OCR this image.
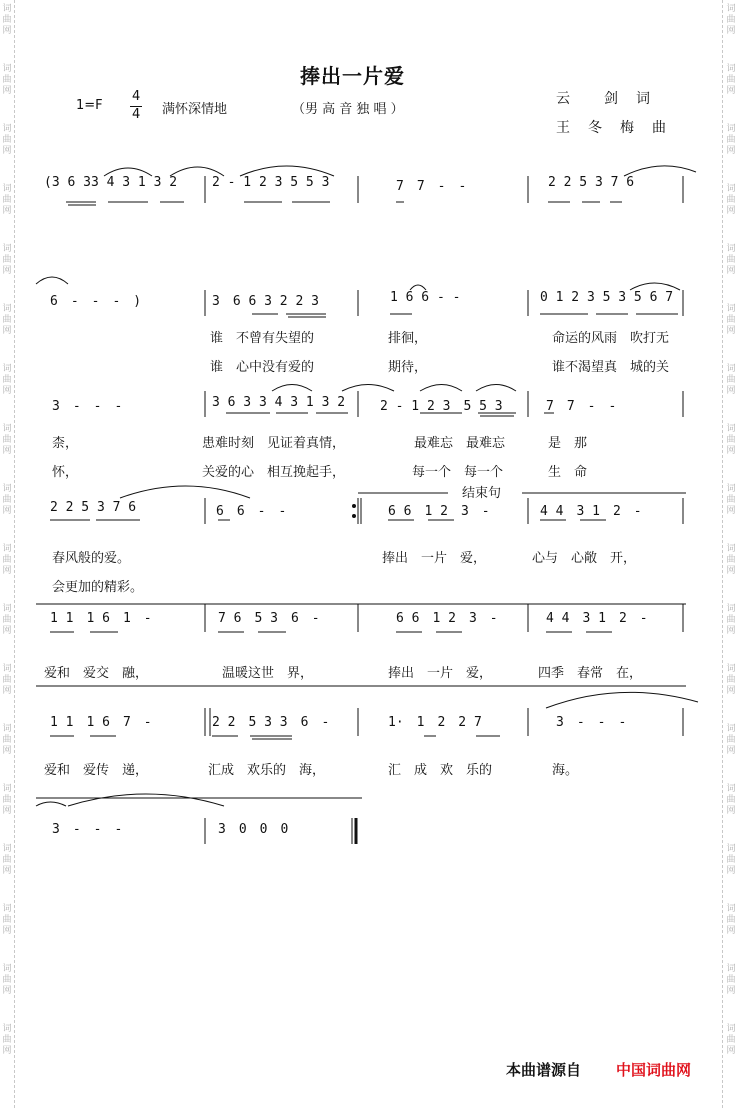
词
曲
网
词
曲
网
词
曲
网
词
曲
网
词
曲
网
词
曲
网
词
曲
网
词
曲
网
词
曲
网
词
曲
网
词
曲
网
词
曲
网
词
曲
网
词
曲
网
词
曲
网
词
曲
网
词
曲
网
词
曲
网
词
曲
网
词
曲
网
词
曲
网
词
曲
网
词
曲
网
词
曲
网
词
曲
网
词
曲
网
词
曲
网
词
曲
网
词
曲
网
词
曲
网
词
曲
网
词
曲
网
词
曲
网
词
曲
网
词
曲
网
词
曲
网
捧出一片爱
1=F
4
4 满怀深情地	（男 高 音 独 唱 ）
云　　剑　词
王　冬　梅　曲
(3 6 33 4 3 1 3 2	2 - 1 2 3 5 5 3	7　7　-　-	2 2 5 3 7 6
6　-　-　-　)	3　6 6 3 2 2 3	1 6 6 - -	0 1 2 3 5 3 5 6 7
谁　不曾有失望的	排徊，	命运的风雨　吹打无
谁　心中没有爱的	期待，	谁不渴望真　城的关
3　-　-　-	3 6 3 3 4 3 1 3 2	2 - 1 2 3　5 5 3	7　7　-　-
柰，	患难时刻　见证着真情，	最难忘　最难忘	是　那
怀，	关爱的心　相互挽起手，	每一个　每一个	生　命
结束句
2 2 5 3 7 6	6　6　-　-	6 6　1 2　3　-	4 4　3 1　2　-
春风般的爱。	捧出　一片　爱，	心与　心敞　开，
会更加的精彩。
1 1　1 6　1　-	7 6　5 3　6　-	6 6　1 2　3　-	4 4　3 1　2　-
爱和　爱交　融，	温暖这世　界，	捧出　一片　爱，	四季　春常　在，
1 1　1 6　7　-	2 2　5 3 3　6　-	1·　1　2　2 7	3　-　-　-
爱和　爱传　递，	汇成　欢乐的　海，	汇　成　欢　乐的	海。
3　-　-　-	3　0　0　0
本曲谱源自 中国词曲网
